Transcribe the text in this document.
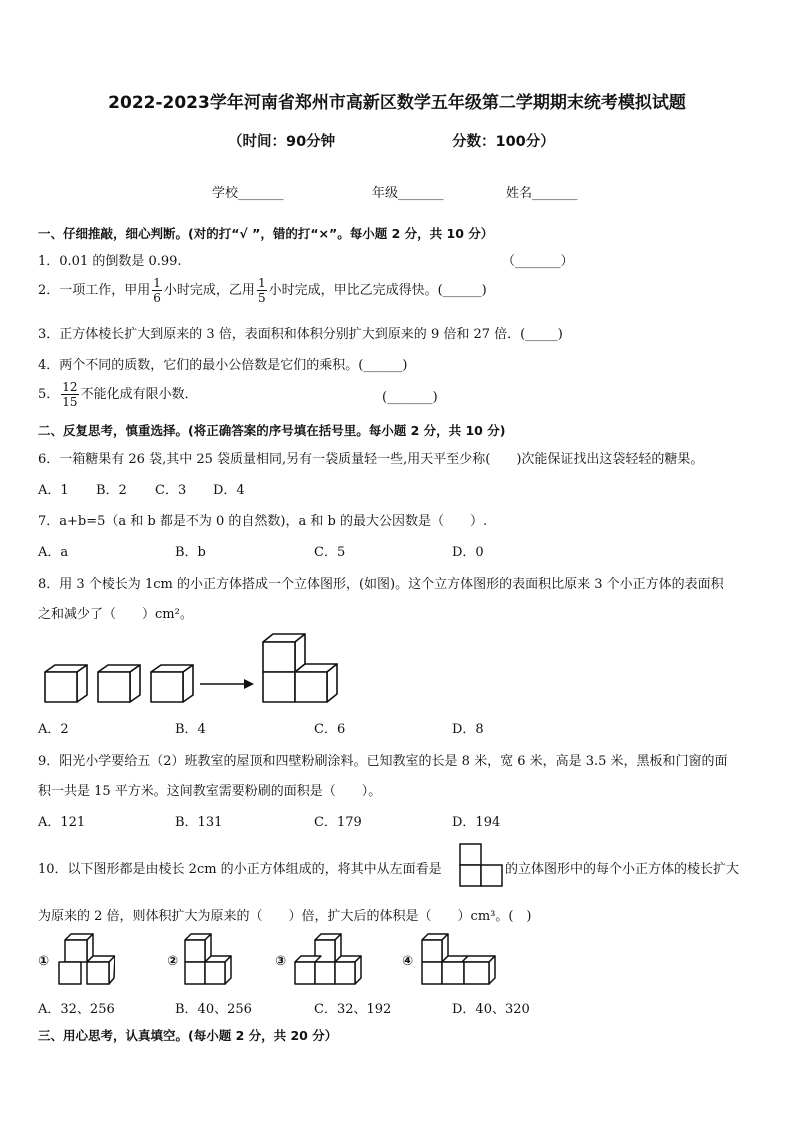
2022-2023学年河南省郑州市高新区数学五年级第二学期期末统考模拟试题
（时间：90分钟	分数：100分）
学校_______	年级_______	姓名_______
一、仔细推敲，细心判断。(对的打“√ ”，错的打“×”。每小题 2 分，共 10 分）
1．0.01 的倒数是 0.99.	（_______）
2．一项工作，甲用 $\frac{1}{6}$ 小时完成，乙用 $\frac{1}{5}$ 小时完成，甲比乙完成得快。(______)
3．正方体棱长扩大到原来的 3 倍，表面积和体积分别扩大到原来的 9 倍和 27 倍．(_____)
4．两个不同的质数，它们的最小公倍数是它们的乘积。(______)
5． $\frac{12}{15}$ 不能化成有限小数．	(_______)
二、反复思考，慎重选择。(将正确答案的序号填在括号里。每小题 2 分，共 10 分)
6．一箱糖果有 26 袋,其中 25 袋质量相同,另有一袋质量轻一些,用天平至少称(　　)次能保证找出这袋轻轻的糖果。
A．1 B．2 C．3 D．4
7．a+b=5（a 和 b 都是不为 0 的自然数)，a 和 b 的最大公因数是（　　）.
A．a	B．b	C．5	D．0
8．用 3 个棱长为 1cm 的小正方体搭成一个立体图形，(如图)。这个立方体图形的表面积比原来 3 个小正方体的表面积
之和减少了（　　）cm²。
A．2	B．4	C．6	D．8
9．阳光小学要给五（2）班教室的屋顶和四壁粉刷涂料。已知教室的长是 8 米，宽 6 米，高是 3.5 米，黑板和门窗的面
积一共是 15 平方米。这间教室需要粉刷的面积是（　　）。
A．121	B．131	C．179	D．194
10．以下图形都是由棱长 2cm 的小正方体组成的，将其中从左面看是	的立体图形中的每个小正方体的棱长扩大
为原来的 2 倍，则体积扩大为原来的（　　）倍，扩大后的体积是（　　）cm³。(　)
①	②	③	④
A．32、256	B．40、256	C．32、192	D．40、320
三、用心思考，认真填空。(每小题 2 分，共 20 分）
